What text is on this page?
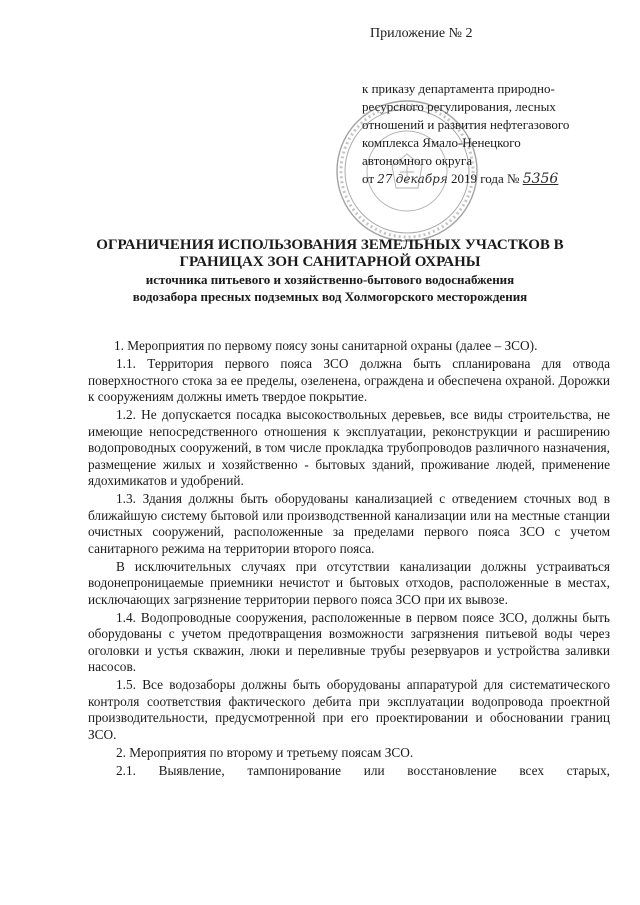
Приложение № 2
к приказу департамента природно-
ресурсного регулирования, лесных
отношений и развития нефтегазового
комплекса Ямало-Ненецкого
автономного округа
от 27 декабря 2019 года № 5356

ОГРАНИЧЕНИЯ ИСПОЛЬЗОВАНИЯ ЗЕМЕЛЬНЫХ УЧАСТКОВ В

ГРАНИЦАХ ЗОН САНИТАРНОЙ ОХРАНЫ

источника питьевого и хозяйственно-бытового водоснабжения

водозабора пресных подземных вод Холмогорского месторождения

1. Мероприятия по первому поясу зоны санитарной охраны (далее – ЗСО).

1.1. Территория первого пояса ЗСО должна быть спланирована для отвода поверхностного стока за ее пределы, озеленена, ограждена и обеспечена охраной. Дорожки к сооружениям должны иметь твердое покрытие.

1.2. Не допускается посадка высокоствольных деревьев, все виды строительства, не имеющие непосредственного отношения к эксплуатации, реконструкции и расширению водопроводных сооружений, в том числе прокладка трубопроводов различного назначения, размещение жилых и хозяйственно - бытовых зданий, проживание людей, применение ядохимикатов и удобрений.

1.3. Здания должны быть оборудованы канализацией с отведением сточных вод в ближайшую систему бытовой или производственной канализации или на местные станции очистных сооружений, расположенные за пределами первого пояса ЗСО с учетом санитарного режима на территории второго пояса.

В исключительных случаях при отсутствии канализации должны устраиваться водонепроницаемые приемники нечистот и бытовых отходов, расположенные в местах, исключающих загрязнение территории первого пояса ЗСО при их вывозе.

1.4. Водопроводные сооружения, расположенные в первом поясе ЗСО, должны быть оборудованы с учетом предотвращения возможности загрязнения питьевой воды через оголовки и устья скважин, люки и переливные трубы резервуаров и устройства заливки насосов.

1.5. Все водозаборы должны быть оборудованы аппаратурой для систематического контроля соответствия фактического дебита при эксплуатации водопровода проектной производительности, предусмотренной при его проектировании и обосновании границ ЗСО.

2. Мероприятия по второму и третьему поясам ЗСО.

2.1. Выявление, тампонирование или восстановление всех старых,
